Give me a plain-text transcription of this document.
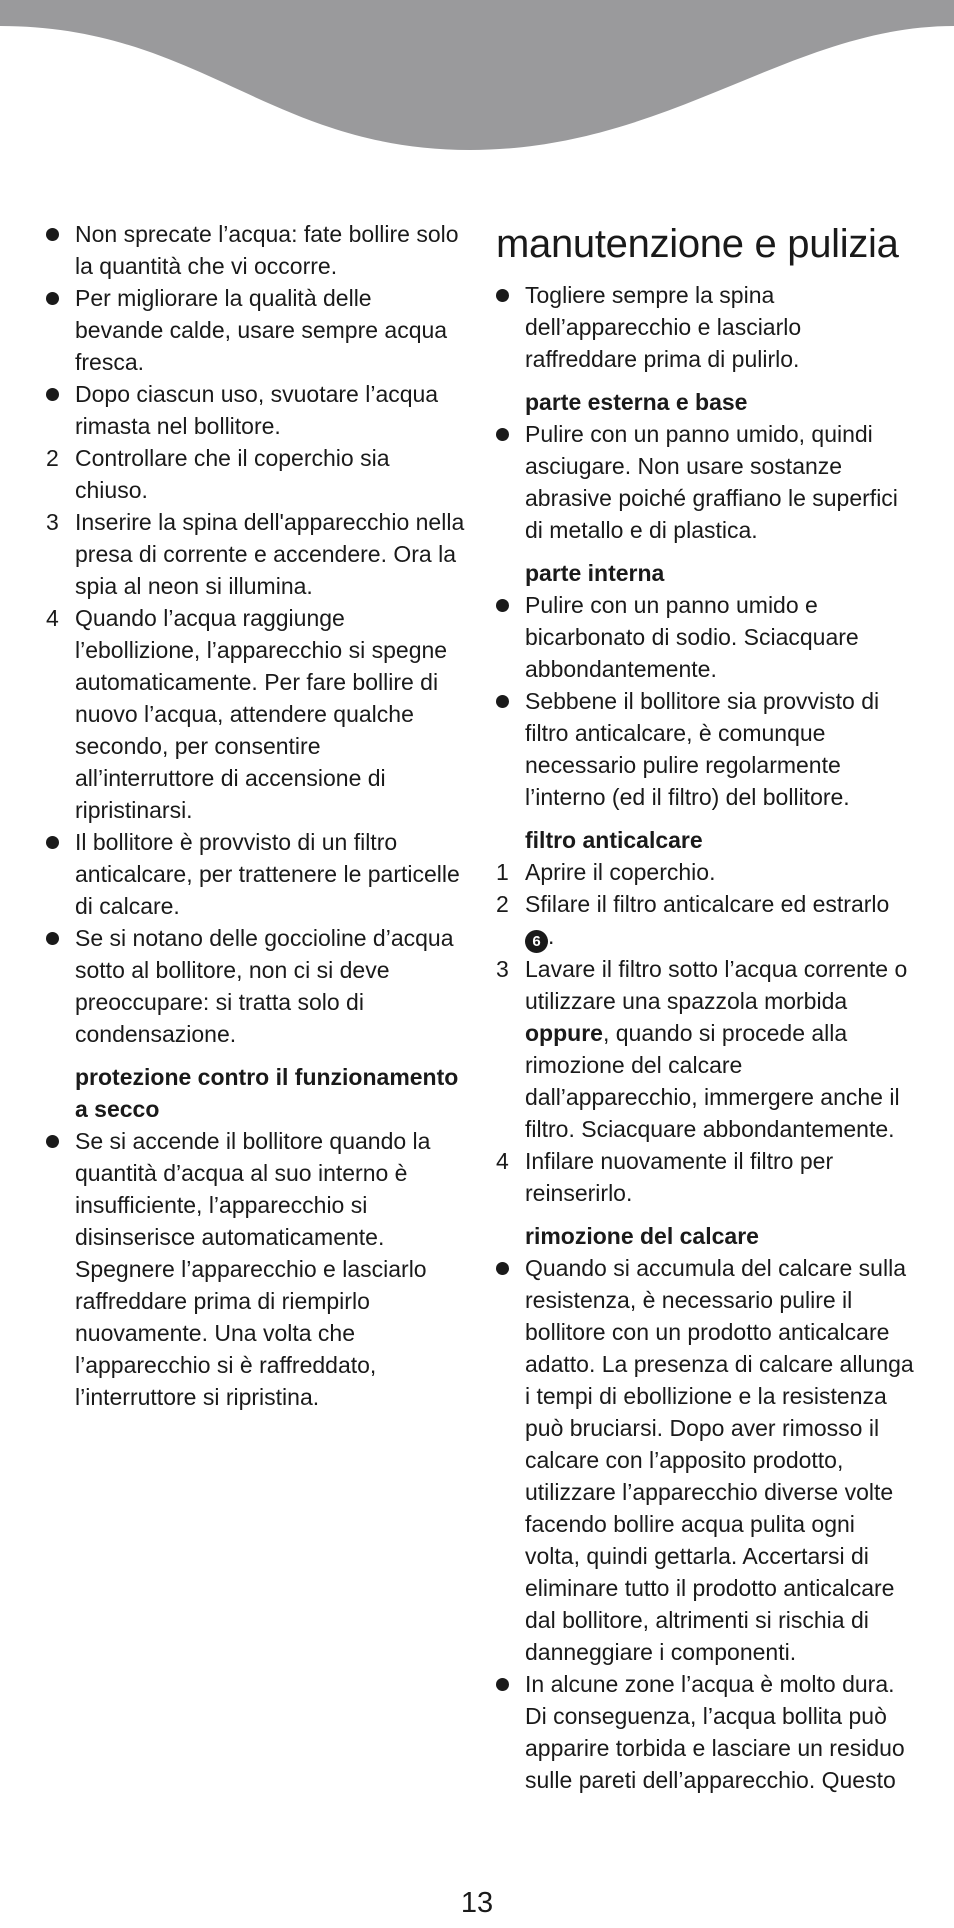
Non sprecate l’acqua: fate bollire solo la quantità che vi occorre.
Per migliorare la qualità delle bevande calde, usare sempre acqua fresca.
Dopo ciascun uso, svuotare l’acqua rimasta nel bollitore.
2 Controllare che il coperchio sia chiuso.
3 Inserire la spina dell'apparecchio nella presa di corrente e accendere. Ora la spia al neon si illumina.
4 Quando l’acqua raggiunge l’ebollizione, l’apparecchio si spegne automaticamente. Per fare bollire di nuovo l’acqua, attendere qualche secondo, per consentire all’interruttore di accensione di ripristinarsi.
Il bollitore è provvisto di un filtro anticalcare, per trattenere le particelle di calcare.
Se si notano delle goccioline d’acqua sotto al bollitore, non ci si deve preoccupare: si tratta solo di condensazione.
protezione contro il funzionamento a secco
Se si accende il bollitore quando la quantità d’acqua al suo interno è insufficiente, l’apparecchio si disinserisce automaticamente. Spegnere l’apparecchio e lasciarlo raffreddare prima di riempirlo nuovamente. Una volta che l’apparecchio si è raffreddato, l’interruttore si ripristina.
manutenzione e pulizia
Togliere sempre la spina dell’apparecchio e lasciarlo raffreddare prima di pulirlo.
parte esterna e base
Pulire con un panno umido, quindi asciugare. Non usare sostanze abrasive poiché graffiano le superfici di metallo e di plastica.
parte interna
Pulire con un panno umido e bicarbonato di sodio. Sciacquare abbondantemente.
Sebbene il bollitore sia provvisto di filtro anticalcare, è comunque necessario pulire regolarmente l’interno (ed il filtro) del bollitore.
filtro anticalcare
1 Aprire il coperchio.
2 Sfilare il filtro anticalcare ed estrarlo 6 .
3 Lavare il filtro sotto l’acqua corrente o utilizzare una spazzola morbida oppure, quando si procede alla rimozione del calcare dall’apparecchio, immergere anche il filtro. Sciacquare abbondantemente.
4 Infilare nuovamente il filtro per reinserirlo.
rimozione del calcare
Quando si accumula del calcare sulla resistenza, è necessario pulire il bollitore con un prodotto anticalcare adatto. La presenza di calcare allunga i tempi di ebollizione e la resistenza può bruciarsi. Dopo aver rimosso il calcare con l’apposito prodotto, utilizzare l’apparecchio diverse volte facendo bollire acqua pulita ogni volta, quindi gettarla. Accertarsi di eliminare tutto il prodotto anticalcare dal bollitore, altrimenti si rischia di danneggiare i componenti.
In alcune zone l’acqua è molto dura. Di conseguenza, l’acqua bollita può apparire torbida e lasciare un residuo sulle pareti dell’apparecchio. Questo
13
